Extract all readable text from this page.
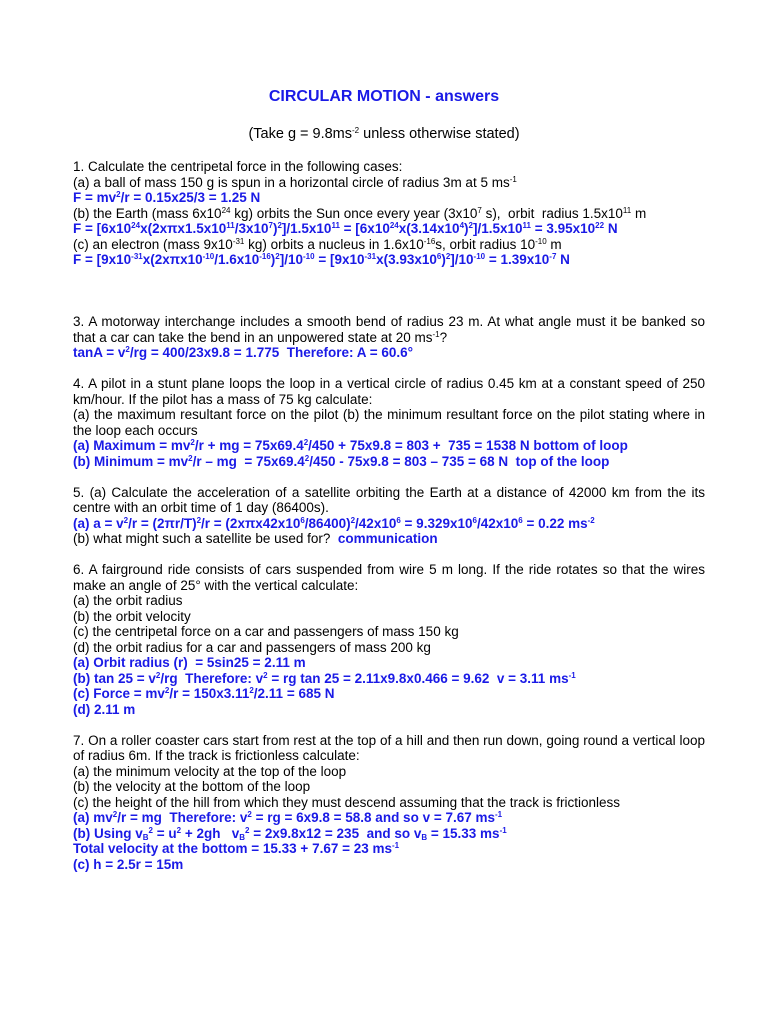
CIRCULAR MOTION - answers
(Take $g = 9.8ms^{-2}$ unless otherwise stated)
1. Calculate the centripetal force in the following cases:
(a) a ball of mass 150 g is spun in a horizontal circle of radius 3m at 5 $ms^{-1}$
$F = mv^2/r = 0.15x25/3 = 1.25$ N
(b) the Earth (mass $6x10^{24}$ kg) orbits the Sun once every year ($3x10^7$ s),  orbit  radius $1.5x10^{11}$ m
$F = [6x10^{24}x(2x\pi x1.5x10^{11}/3x10^7)^2]/1.5x10^{11} = [6x10^{24}x(3.14x10^4)^2]/1.5x10^{11} = 3.95x10^{22}$ N
(c) an electron (mass $9x10^{-31}$ kg) orbits a nucleus in $1.6x10^{-16}s$, orbit radius $10^{-10}$ m
$F = [9x10^{-31}x(2x\pi x10^{-10}/1.6x10^{-16})^2]/10^{-10} = [9x10^{-31}x(3.93x10^6)^2]/10^{-10} = 1.39x10^{-7}$ N
3. A motorway interchange includes a smooth bend of radius 23 m. At what angle must it be banked so that a car can take the bend in an unpowered state at 20 $ms^{-1}$?
$\tan A = v^2/rg = 400/23x9.8 = 1.775$  Therefore: A = 60.6°
4. A pilot in a stunt plane loops the loop in a vertical circle of radius 0.45 km at a constant speed of 250 km/hour. If the pilot has a mass of 75 kg calculate:
(a) the maximum resultant force on the pilot (b) the minimum resultant force on the pilot stating where in the loop each occurs
(a) Maximum = $mv^2/r$ + mg = $75x69.4^2/450 + 75x9.8 = 803 + 735 = 1538$ N bottom of loop
(b) Minimum = $mv^2/r$ – mg  = $75x69.4^2/450 - 75x9.8 = 803 - 735 = 68$ N  top of the loop
5. (a) Calculate the acceleration of a satellite orbiting the Earth at a distance of 42000 km from the its centre with an orbit time of 1 day (86400s).
(a) $a = v^2/r = (2\pi r/T)^2/r = (2x\pi x42x10^6/86400)^2/42x10^6 = 9.329x10^6/42x10^6 = 0.22$ $ms^{-2}$
(b) what might such a satellite be used for? communication
6. A fairground ride consists of cars suspended from wire 5 m long. If the ride rotates so that the wires make an angle of 25° with the vertical calculate:
(a) the orbit radius
(b) the orbit velocity
(c) the centripetal force on a car and passengers of mass 150 kg
(d) the orbit radius for a car and passengers of mass 200 kg
(a) Orbit radius (r)  = 5sin25 = 2.11 m
(b) $\tan 25 = v^2/rg$  Therefore: $v^2$ = rg tan 25 = 2.11x9.8x0.466 = 9.62  v = 3.11 $ms^{-1}$
(c) Force = $mv^2/r = 150x3.11^2/2.11 = 685$ N
(d) 2.11 m
7. On a roller coaster cars start from rest at the top of a hill and then run down, going round a vertical loop of radius 6m. If the track is frictionless calculate:
(a) the minimum velocity at the top of the loop
(b) the velocity at the bottom of the loop
(c) the height of the hill from which they must descend assuming that the track is frictionless
(a) $mv^2/r$ = mg  Therefore: $v^2$ = rg = 6x9.8 = 58.8 and so v = 7.67 $ms^{-1}$
(b) Using $v_B^2 = u^2 + 2gh$   $v_B^2 = 2x9.8x12 = 235$  and so $v_B = 15.33$ $ms^{-1}$
Total velocity at the bottom = 15.33 + 7.67 = 23 $ms^{-1}$
(c) h = 2.5r = 15m
